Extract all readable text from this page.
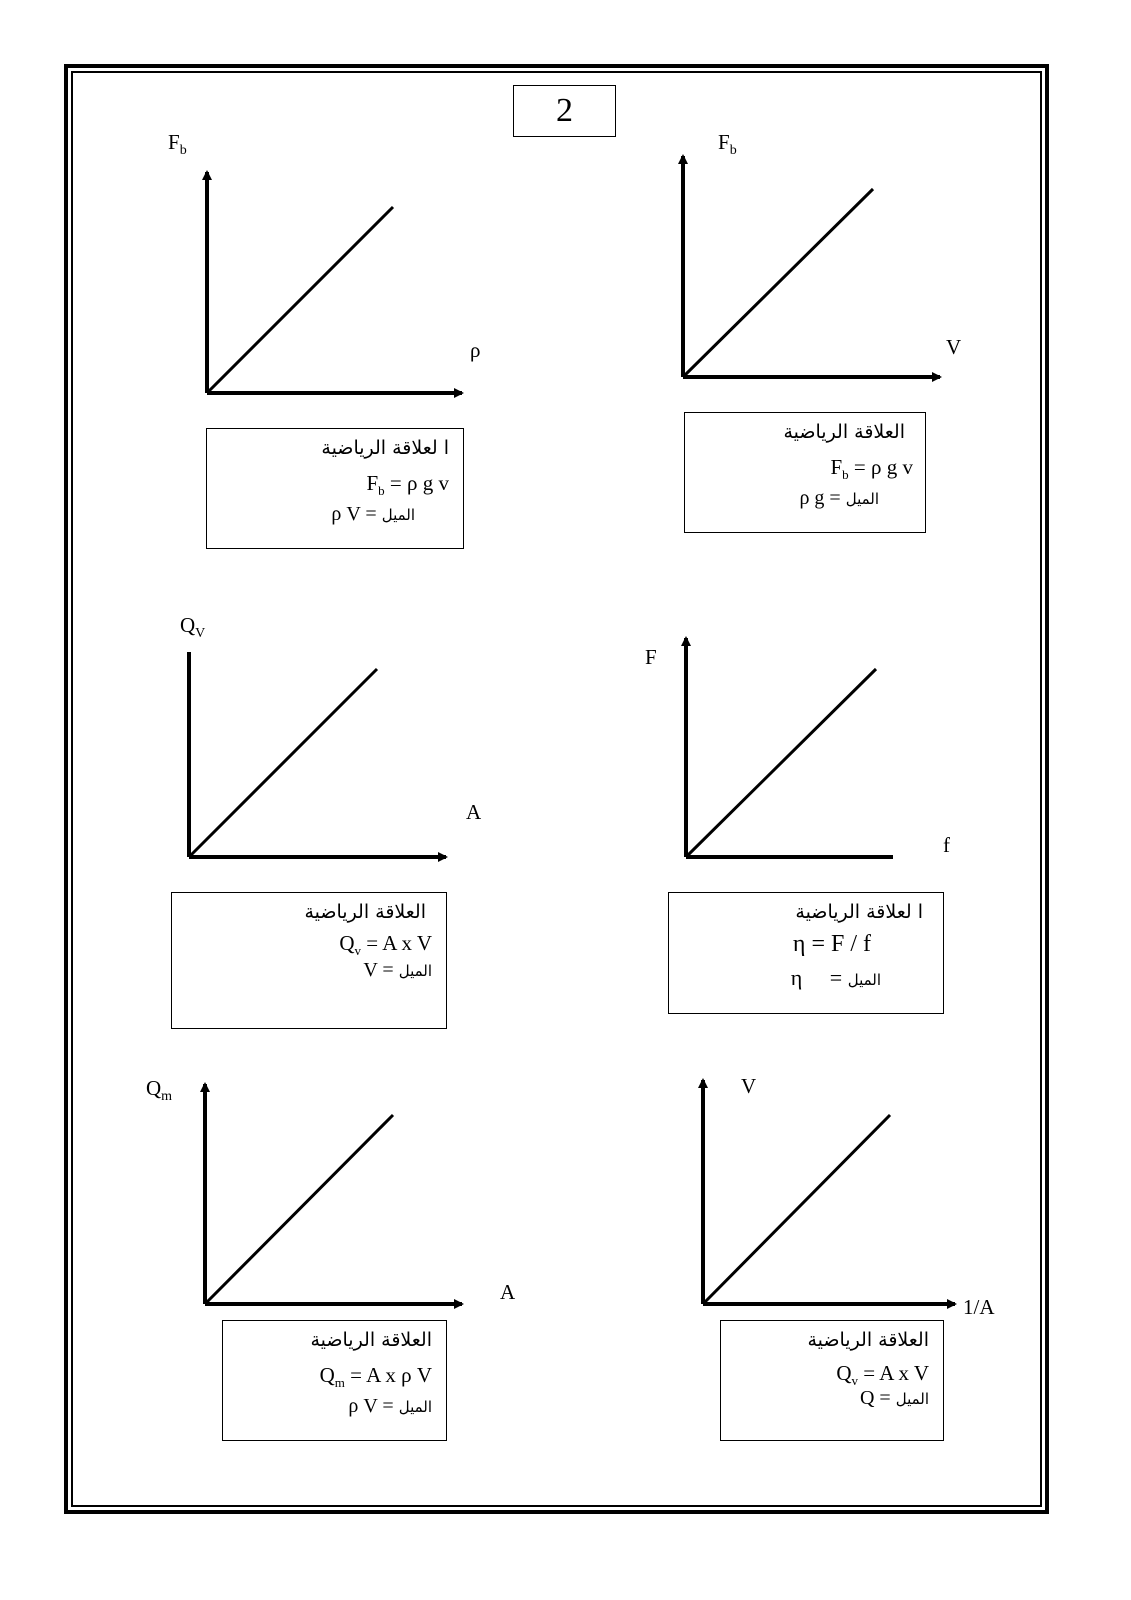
2
$F_b$
ρ
ا لعلاقة الرياضية
$F_b = \rho$ g v
ρ V = الميل
$F_b$
V
العلاقة الرياضية
$F_b = \rho$ g v
ρ g = الميل
$Q_V$
A
العلاقة الرياضية
$Q_v = A$ x V
V = الميل
F
f
ا لعلاقة الرياضية
η = F / f
η     = الميل
$Q_m$
A
العلاقة الرياضية
$Q_m = A$ x ρ V
ρ V = الميل
V
1/A
العلاقة الرياضية
$Q_v = A$ x V
Q = الميل
